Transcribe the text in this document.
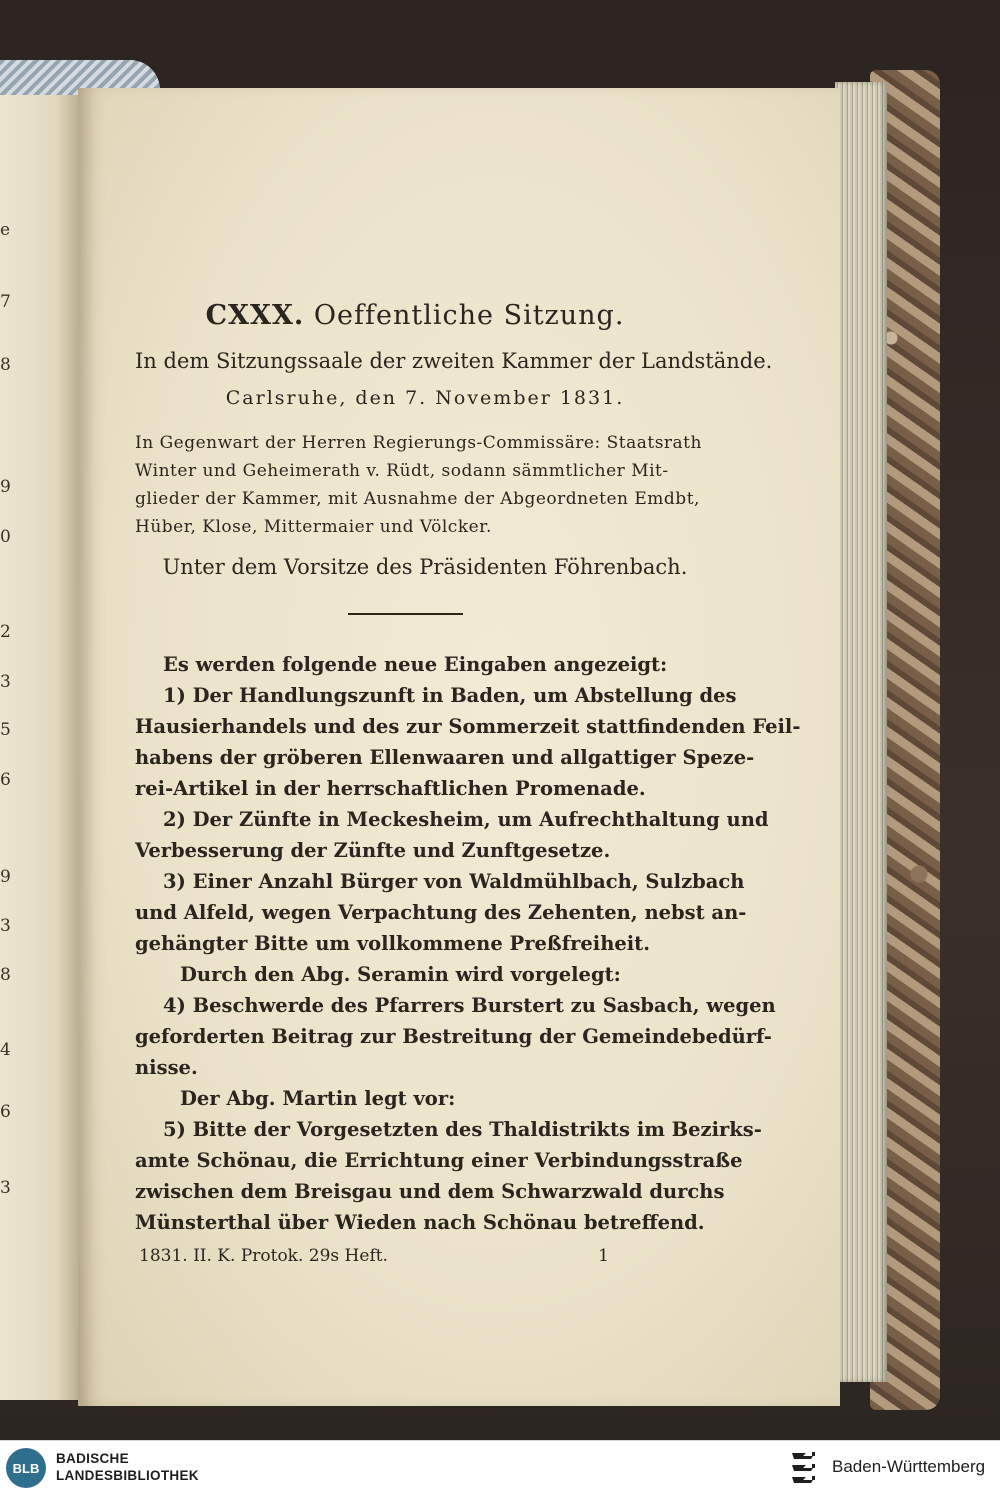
e
7
8
9
0
2
3
5
6
9
3
8
4
6
3
CXXX. Oeffentliche Sitzung.
In dem Sitzungssaale der zweiten Kammer der Landstände.
Carlsruhe, den 7. November 1831.
In Gegenwart der Herren Regierungs-Commissäre: Staatsrath
Winter und Geheimerath v. Rüdt, sodann sämmtlicher Mit-
glieder der Kammer, mit Ausnahme der Abgeordneten Emdbt,
Hüber, Klose, Mittermaier und Völcker.
Unter dem Vorsitze des Präsidenten Föhrenbach.
Es werden folgende neue Eingaben angezeigt:
1) Der Handlungszunft in Baden, um Abstellung des
Hausierhandels und des zur Sommerzeit stattfindenden Feil-
habens der gröberen Ellenwaaren und allgattiger Speze-
rei-Artikel in der herrschaftlichen Promenade.
2) Der Zünfte in Meckesheim, um Aufrechthaltung und
Verbesserung der Zünfte und Zunftgesetze.
3) Einer Anzahl Bürger von Waldmühlbach, Sulzbach
und Alfeld, wegen Verpachtung des Zehenten, nebst an-
gehängter Bitte um vollkommene Preßfreiheit.
Durch den Abg. Seramin wird vorgelegt:
4) Beschwerde des Pfarrers Burstert zu Sasbach, wegen
geforderten Beitrag zur Bestreitung der Gemeindebedürf-
nisse.
Der Abg. Martin legt vor:
5) Bitte der Vorgesetzten des Thaldistrikts im Bezirks-
amte Schönau, die Errichtung einer Verbindungsstraße
zwischen dem Breisgau und dem Schwarzwald durchs
Münsterthal über Wieden nach Schönau betreffend.
1831. II. K. Protok. 29s Heft.	1
BLB
BADISCHE
LANDESBIBLIOTHEK	Baden-Württemberg
